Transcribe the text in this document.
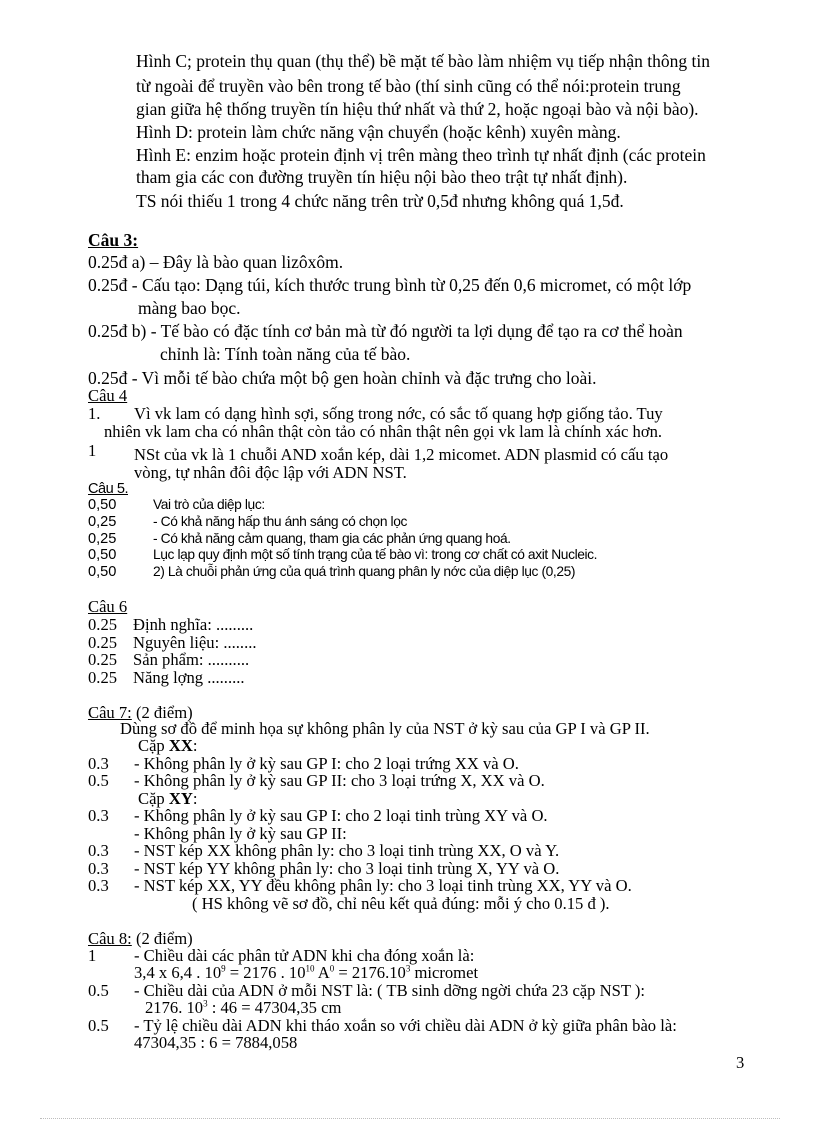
Hình C; protein thụ quan (thụ thể) bề mặt tế bào làm nhiệm vụ tiếp nhận thông tin
từ ngoài để truyền vào bên trong tế bào (thí sinh cũng có thể nói:protein trung
gian giữa hệ thống truyền tín hiệu thứ nhất và thứ 2, hoặc ngoại bào và nội bào).
Hình D: protein làm chức năng vận chuyển (hoặc kênh) xuyên màng.
Hình E: enzim hoặc protein định vị trên màng theo trình tự nhất định (các protein
tham gia các con đường truyền tín hiệu nội bào theo trật tự nhất định).
TS nói thiếu 1 trong 4 chức năng trên trừ 0,5đ nhưng không quá 1,5đ.
Câu 3:
0.25đ a) – Đây là bào quan lizôxôm.
0.25đ - Cấu tạo: Dạng túi, kích thước trung bình từ 0,25 đến 0,6 micromet, có một lớp
màng bao bọc.
0.25đ b) - Tế bào có đặc tính cơ bản mà từ đó người ta lợi dụng để tạo ra cơ thể hoàn
chỉnh là: Tính toàn năng của tế bào.
0.25đ - Vì mỗi tế bào chứa một bộ gen hoàn chỉnh và đặc trưng cho loài.
Câu 4
1. Vì vk lam có dạng hình sợi, sống trong nớc, có sắc tố quang hợp giống tảo. Tuy
nhiên vk lam cha có nhân thật còn tảo có nhân thật nên gọi vk lam là chính xác hơn.
1 NSt của vk là 1 chuỗi AND xoắn kép, dài 1,2 micomet. ADN plasmid có cấu tạo
vòng, tự nhân đôi độc lập với ADN NST.
Câu 5.
0,50	Vai trò của diệp lục:
0,25	- Có khả năng hấp thu ánh sáng có chọn lọc
0,25	- Có khả năng cảm quang, tham gia các phản ứng quang hoá.
0,50	Lục lạp quy định một số tính trạng của tế bào vì: trong cơ chất có axit Nucleic.
0,50	2) Là chuỗi phản ứng của quá trình quang phân ly nớc của diệp lục (0,25)
Câu 6
0.25 Định nghĩa: .........
0.25 Nguyên liệu: ........
0.25 Sản phẩm: ..........
0.25 Năng lợng .........
Câu 7: (2 điểm)
Dùng sơ đồ để minh họa sự không phân ly của NST ở kỳ sau của GP I và GP II.
Cặp XX:
0.3 - Không phân ly ở kỳ sau GP I: cho 2 loại trứng XX và O.
0.5 - Không phân ly ở kỳ sau GP II: cho 3 loại trứng X, XX và O.
Cặp XY:
0.3 - Không phân ly ở kỳ sau GP I: cho 2 loại tinh trùng XY và O.
- Không phân ly ở kỳ sau GP II:
0.3 - NST kép XX không phân ly: cho 3 loại tinh trùng XX, O và Y.
0.3 - NST kép YY không phân ly: cho 3 loại tinh trùng X, YY và O.
0.3 - NST kép XX, YY đều không phân ly: cho 3 loại tinh trùng XX, YY và O.
( HS không vẽ sơ đồ, chỉ nêu kết quả đúng: mỗi ý cho 0.15 đ ).
Câu 8: (2 điểm)
1 - Chiều dài các phân tử ADN khi cha đóng xoắn là:
3,4 x 6,4 . $10^9 = 2176$ . $10^{10}$ $A^0 = 2176.10^3$ micromet
0.5 - Chiều dài của ADN ở mỗi NST là: ( TB sinh dỡng ngời chứa 23 cặp NST ):
2176. $10^3$ : 46 = 47304,35 cm
0.5 - Tỷ lệ chiều dài ADN khi tháo xoắn so với chiều dài ADN ở kỳ giữa phân bào là:
47304,35 : 6 = 7884,058
3
